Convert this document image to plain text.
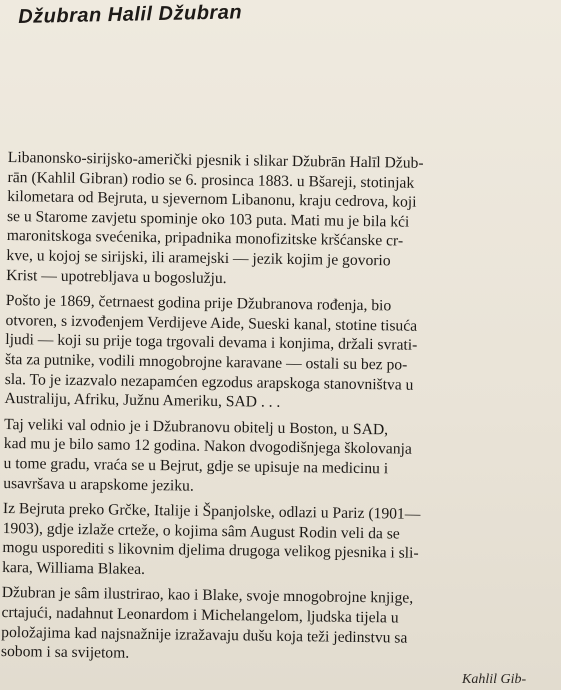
Džubran Halil Džubran
Libanonsko-sirijsko-američki pjesnik i slikar Džubrān Halīl Džub-
rān (Kahlil Gibran) rodio se 6. prosinca 1883. u Bšareji, stotinjak
kilometara od Bejruta, u sjevernom Libanonu, kraju cedrova, koji
se u Starome zavjetu spominje oko 103 puta. Mati mu je bila kći
maronitskoga svećenika, pripadnika monofizitske kršćanske cr-
kve, u kojoj se sirijski, ili aramejski — jezik kojim je govorio
Krist — upotrebljava u bogoslužju.
Pošto je 1869, četrnaest godina prije Džubranova rođenja, bio
otvoren, s izvođenjem Verdijeve Aide, Sueski kanal, stotine tisuća
ljudi — koji su prije toga trgovali devama i konjima, držali svrati-
šta za putnike, vodili mnogobrojne karavane — ostali su bez po-
sla. To je izazvalo nezapamćen egzodus arapskoga stanovništva u
Australiju, Afriku, Južnu Ameriku, SAD . . .
Taj veliki val odnio je i Džubranovu obitelj u Boston, u SAD,
kad mu je bilo samo 12 godina. Nakon dvogodišnjega školovanja
u tome gradu, vraća se u Bejrut, gdje se upisuje na medicinu i
usavršava u arapskome jeziku.
Iz Bejruta preko Grčke, Italije i Španjolske, odlazi u Pariz (1901—
1903), gdje izlaže crteže, o kojima sâm August Rodin veli da se
mogu usporediti s likovnim djelima drugoga velikog pjesnika i sli-
kara, Williama Blakea.
Džubran je sâm ilustrirao, kao i Blake, svoje mnogobrojne knjige,
crtajući, nadahnut Leonardom i Michelangelom, ljudska tijela u
položajima kad najsnažnije izražavaju dušu koja teži jedinstvu sa
sobom i sa svijetom.
Kahlil Gib-
